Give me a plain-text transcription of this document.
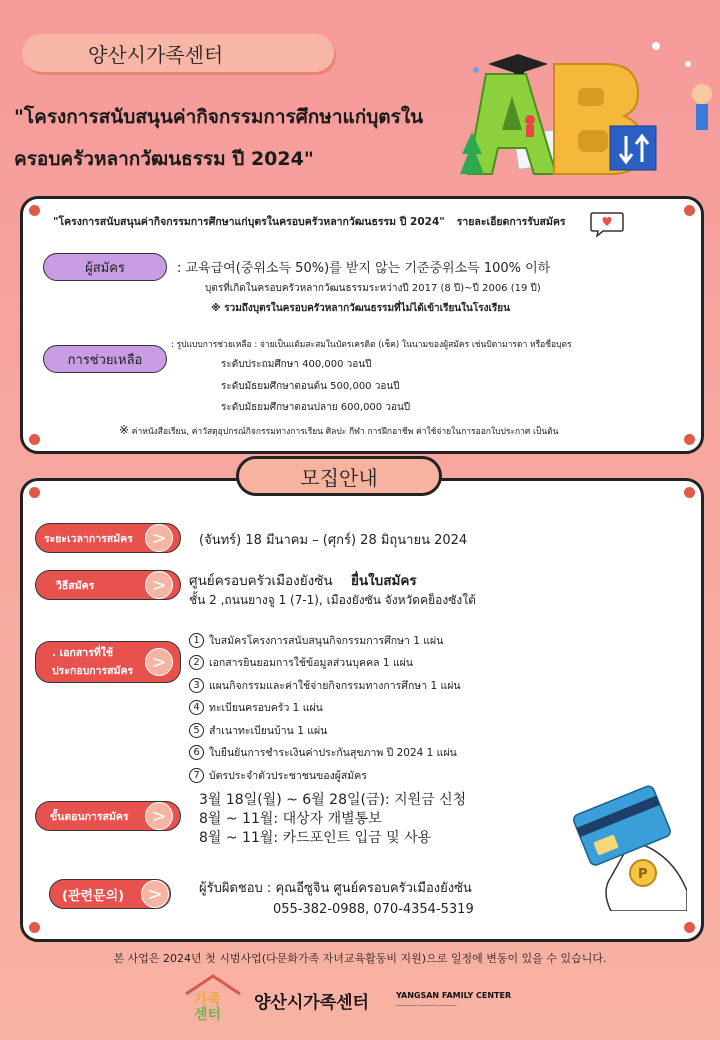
양산시가족센터
"โครงการสนับสนุนค่ากิจกรรมการศึกษาแก่บุตรใน
ครอบครัวหลากวัฒนธรรม ปี 2024"
"โครงการสนับสนุนค่ากิจกรรมการศึกษาแก่บุตรในครอบครัวหลากวัฒนธรรม ปี 2024" รายละเอียดการรับสมัคร
ผู้สมัคร	: 교육급여(중위소득 50%)를 받지 않는 기준중위소득 100% 이하
บุตรที่เกิดในครอบครัวหลากวัฒนธรรมระหว่างปี 2017 (8 ปี)~ปี 2006 (19 ปี)
※ รวมถึงบุตรในครอบครัวหลากวัฒนธรรมที่ไม่ได้เข้าเรียนในโรงเรียน
การช่วยเหลือ
: รูปแบบการช่วยเหลือ : จ่ายเป็นแต้มสะสมในบัตรเครดิต (เช็ค) ในนามของผู้สมัคร เช่นบิดามารดา หรือชื่อบุตร
ระดับประถมศึกษา 400,000 วอนปี
ระดับมัธยมศึกษาตอนต้น 500,000 วอนปี
ระดับมัธยมศึกษาตอนปลาย 600,000 วอนปี
※ ค่าหนังสือเรียน, ค่าวัสดุอุปกรณ์กิจกรรมทางการเรียน ศิลปะ กีฬา การฝึกอาชีพ ค่าใช้จ่ายในการออกใบประกาศ เป็นต้น
모집안내
ระยะเวลาการสมัคร > (จันทร์) 18 มีนาคม – (ศุกร์) 28 มิถุนายน 2024
วิธีสมัคร	> ศูนย์ครอบครัวเมืองยังซัน ยื่นใบสมัคร
ชั้น 2 ,ถนนยางจู 1 (7-1), เมืองยังซัน จังหวัดคย็องซังใต้
. เอกสารที่ใช้
ประกอบการสมัคร >
1 ใบสมัครโครงการสนับสนุนกิจกรรมการศึกษา 1 แผ่น
2 เอกสารยินยอมการใช้ข้อมูลส่วนบุคคล 1 แผ่น
3 แผนกิจกรรมและค่าใช้จ่ายกิจกรรมทางการศึกษา 1 แผ่น
4 ทะเบียนครอบครัว 1 แผ่น
5 สำเนาทะเบียนบ้าน 1 แผ่น
6 ใบยืนยันการชำระเงินค่าประกันสุขภาพ ปี 2024 1 แผ่น
7 บัตรประจำตัวประชาชนของผู้สมัคร
ขั้นตอนการสมัคร >
3월 18일(월) ~ 6월 28일(금): 지원금 신청
8월 ~ 11월: 대상자 개별통보
8월 ~ 11월: 카드포인트 입금 및 사용
P
(관련문의) >	ผู้รับผิดชอบ : คุณอีซูจิน ศูนย์ครอบครัวเมืองยังซัน
055-382-0988, 070-4354-5319
본 사업은 2024년 첫 시범사업(다문화가족 자녀교육활동비 지원)으로 일정에 변동이 있을 수 있습니다.
가족
센터
양산시가족센터	YANGSAN FAMILY CENTER
─────── ────── ──────
